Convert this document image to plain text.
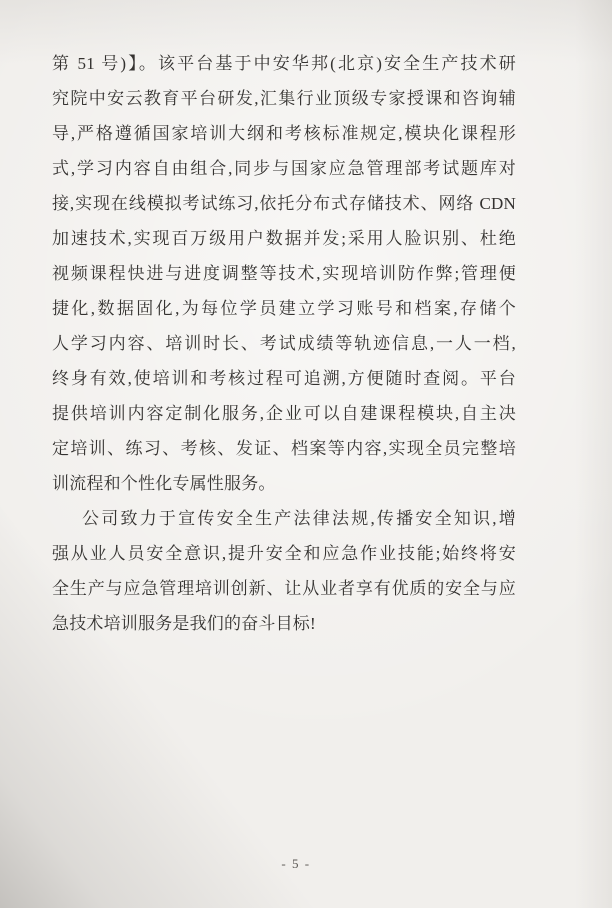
第 51 号)】。该平台基于中安华邦(北京)安全生产技术研
究院中安云教育平台研发,汇集行业顶级专家授课和咨询辅
导,严格遵循国家培训大纲和考核标准规定,模块化课程形
式,学习内容自由组合,同步与国家应急管理部考试题库对
接,实现在线模拟考试练习,依托分布式存储技术、网络 CDN
加速技术,实现百万级用户数据并发;采用人脸识别、杜绝
视频课程快进与进度调整等技术,实现培训防作弊;管理便
捷化,数据固化,为每位学员建立学习账号和档案,存储个
人学习内容、培训时长、考试成绩等轨迹信息,一人一档,
终身有效,使培训和考核过程可追溯,方便随时查阅。平台
提供培训内容定制化服务,企业可以自建课程模块,自主决
定培训、练习、考核、发证、档案等内容,实现全员完整培
训流程和个性化专属性服务。
公司致力于宣传安全生产法律法规,传播安全知识,增
强从业人员安全意识,提升安全和应急作业技能;始终将安
全生产与应急管理培训创新、让从业者享有优质的安全与应
急技术培训服务是我们的奋斗目标!
- 5 -
